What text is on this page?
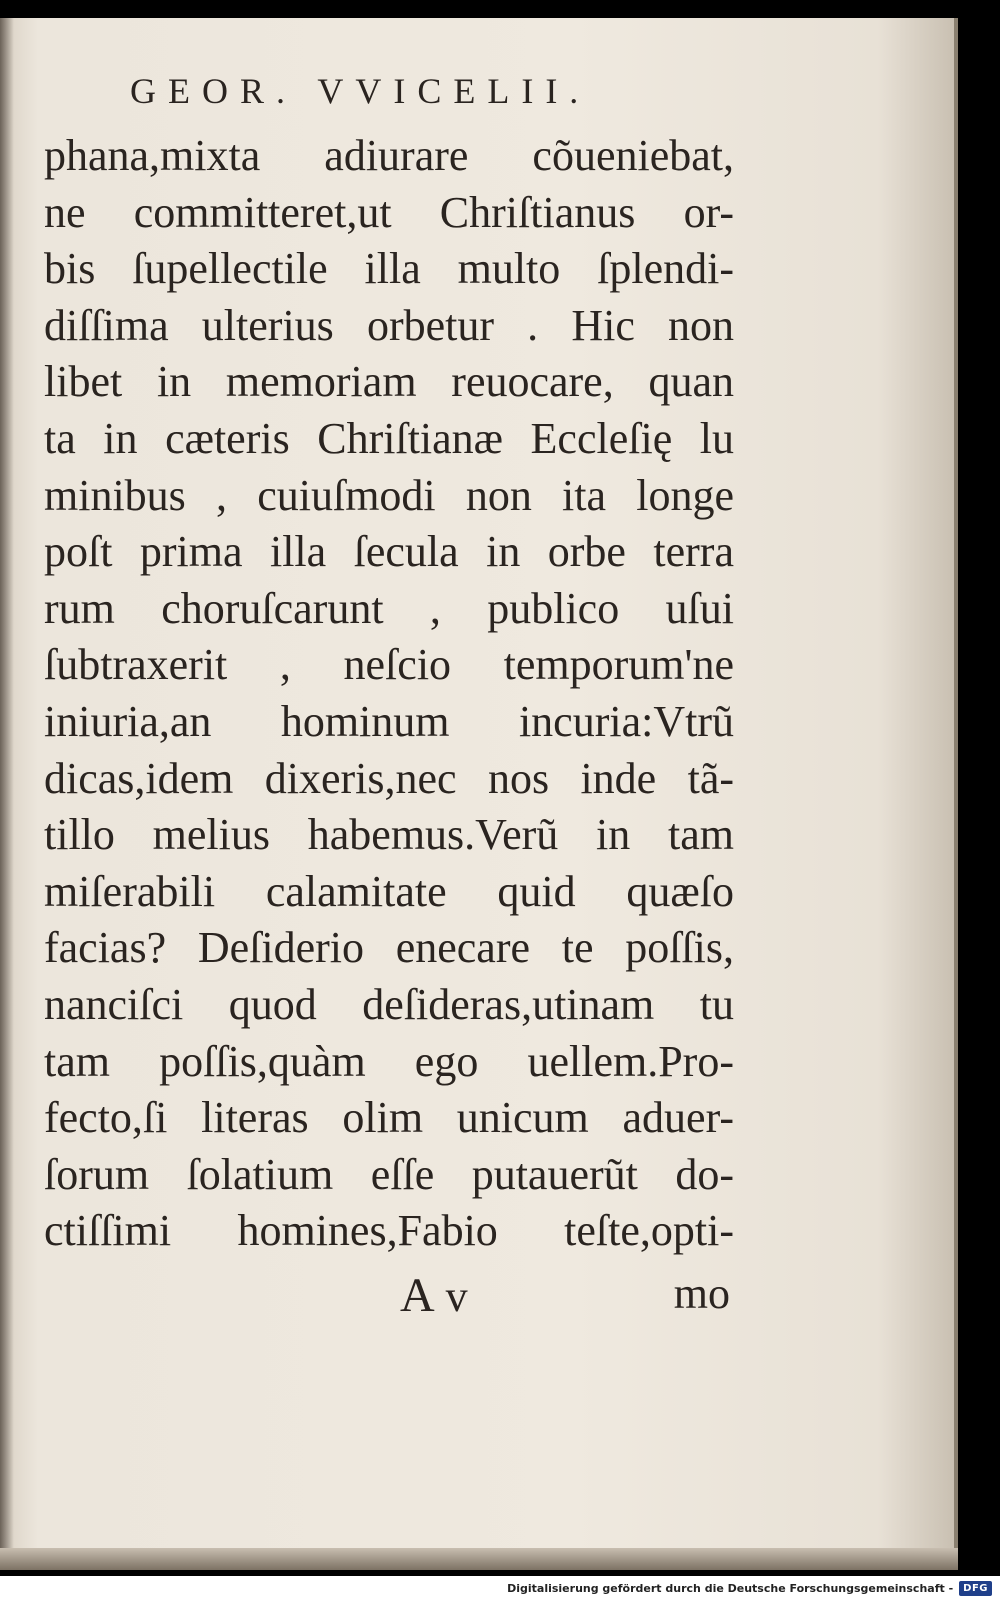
GEOR. VVICELII.
phana,mixta adiurare cõueniebat,
ne committeret,ut Chriſtianus or-
bis ſupellectile illa multo ſplendi-
diſſima ulterius orbetur . Hic non
libet in memoriam reuocare, quan
ta in cæteris Chriſtianæ Eccleſię lu
minibus , cuiuſmodi non ita longe
poſt prima illa ſecula in orbe terra
rum choruſcarunt , publico uſui
ſubtraxerit , neſcio temporum'ne
iniuria,an hominum incuria:Vtrũ
dicas,idem dixeris,nec nos inde tã-
tillo melius habemus.Verũ in tam
miſerabili calamitate quid quæſo
facias? Deſiderio enecare te poſſis,
nanciſci quod deſideras,utinam tu
tam poſſis,quàm ego uellem.Pro-
fecto,ſi literas olim unicum aduer-
ſorum ſolatium eſſe putauerũt do-
ctiſſimi homines,Fabio teſte,opti-
A v	mo
Digitalisierung gefördert durch die Deutsche Forschungsgemeinschaft -	DFG
